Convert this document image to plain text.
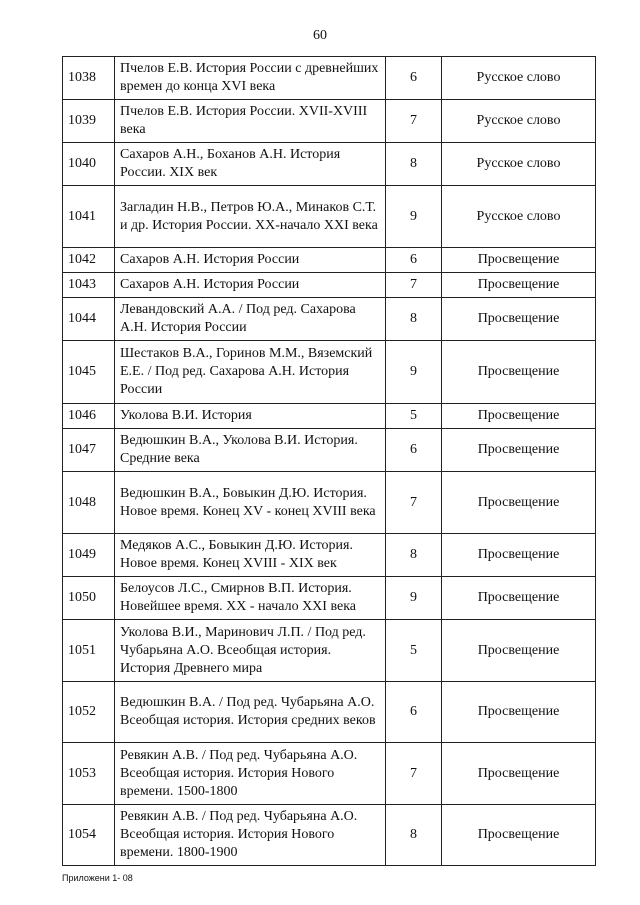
60
1038	Пчелов Е.В. История России с древнейших времен до конца XVI века	6	Русское слово
1039	Пчелов Е.В. История России. XVII-XVIII века	7	Русское слово
1040	Сахаров А.Н., Боханов А.Н. История России. XIX век	8	Русское слово
1041	Загладин Н.В., Петров Ю.А., Минаков С.Т. и др. История России. XX-начало XXI века	9	Русское слово
1042	Сахаров А.Н. История России	6	Просвещение
1043	Сахаров А.Н. История России	7	Просвещение
1044	Левандовский А.А. / Под ред. Сахарова А.Н. История России	8	Просвещение
1045	Шестаков В.А., Горинов М.М., Вяземский Е.Е. / Под ред. Сахарова А.Н. История России	9	Просвещение
1046	Уколова В.И. История	5	Просвещение
1047	Ведюшкин В.А., Уколова В.И. История. Средние века	6	Просвещение
1048	Ведюшкин В.А., Бовыкин Д.Ю. История. Новое время. Конец XV - конец XVIII века	7	Просвещение
1049	Медяков А.С., Бовыкин Д.Ю. История. Новое время. Конец XVIII - XIX век	8	Просвещение
1050	Белоусов Л.С., Смирнов В.П. История. Новейшее время. XX - начало XXI века	9	Просвещение
1051	Уколова В.И., Маринович Л.П. / Под ред. Чубарьяна А.О. Всеобщая история. История Древнего мира	5	Просвещение
1052	Ведюшкин В.А. / Под ред. Чубарьяна А.О. Всеобщая история. История средних веков	6	Просвещение
1053	Ревякин А.В. / Под ред. Чубарьяна А.О. Всеобщая история. История Нового времени. 1500-1800	7	Просвещение
1054	Ревякин А.В. / Под ред. Чубарьяна А.О. Всеобщая история. История Нового времени. 1800-1900	8	Просвещение
Приложени 1- 08
